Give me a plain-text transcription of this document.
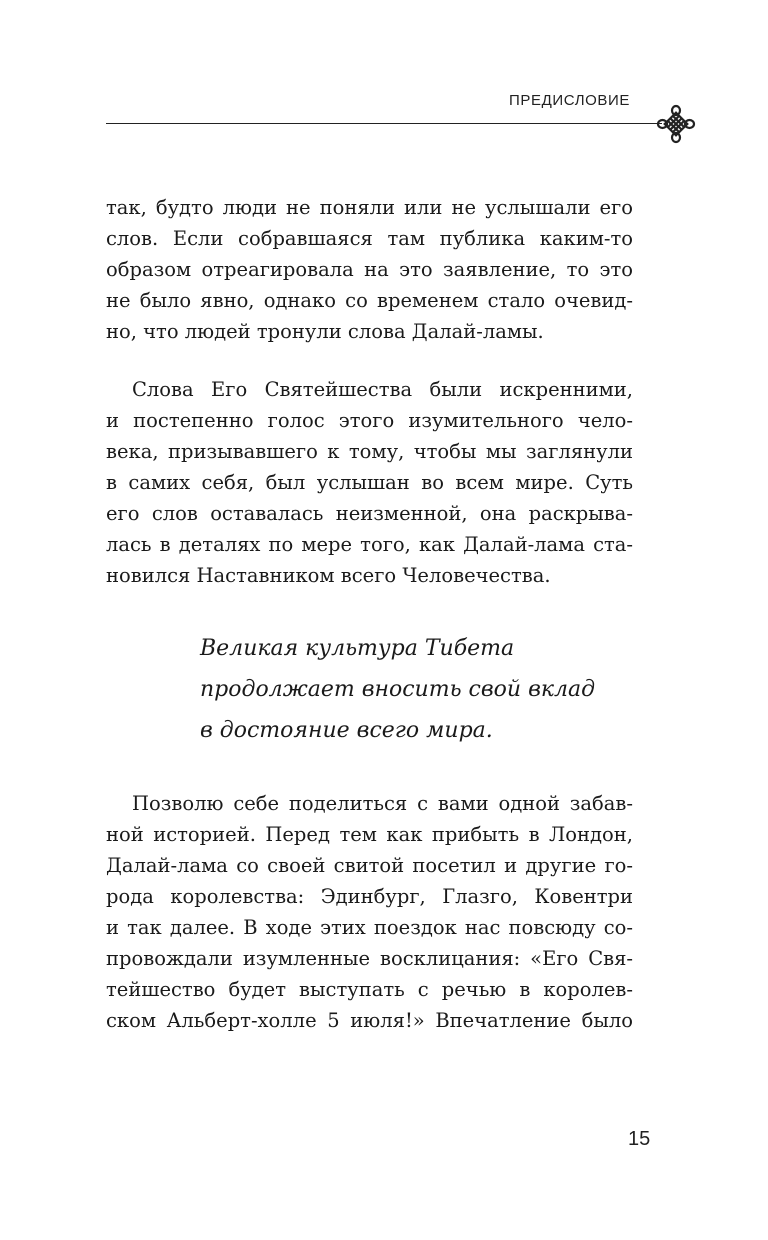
ПРЕДИСЛОВИЕ
так, будто люди не поняли или не услышали его
слов. Если собравшаяся там публика каким-то
образом отреагировала на это заявление, то это
не было явно, однако со временем стало очевид-
но, что людей тронули слова Далай-ламы.
Слова Его Святейшества были искренними,
и постепенно голос этого изумительного чело-
века, призывавшего к тому, чтобы мы заглянули
в самих себя, был услышан во всем мире. Суть
его слов оставалась неизменной, она раскрыва-
лась в деталях по мере того, как Далай-лама ста-
новился Наставником всего Человечества.
Великая культура Тибета
продолжает вносить свой вклад
в достояние всего мира.
Позволю себе поделиться с вами одной забав-
ной историей. Перед тем как прибыть в Лондон,
Далай-лама со своей свитой посетил и другие го-
рода королевства: Эдинбург, Глазго, Ковентри
и так далее. В ходе этих поездок нас повсюду со-
провождали изумленные восклицания: «Его Свя-
тейшество будет выступать с речью в королев-
ском Альберт-холле 5 июля!» Впечатление было
15
